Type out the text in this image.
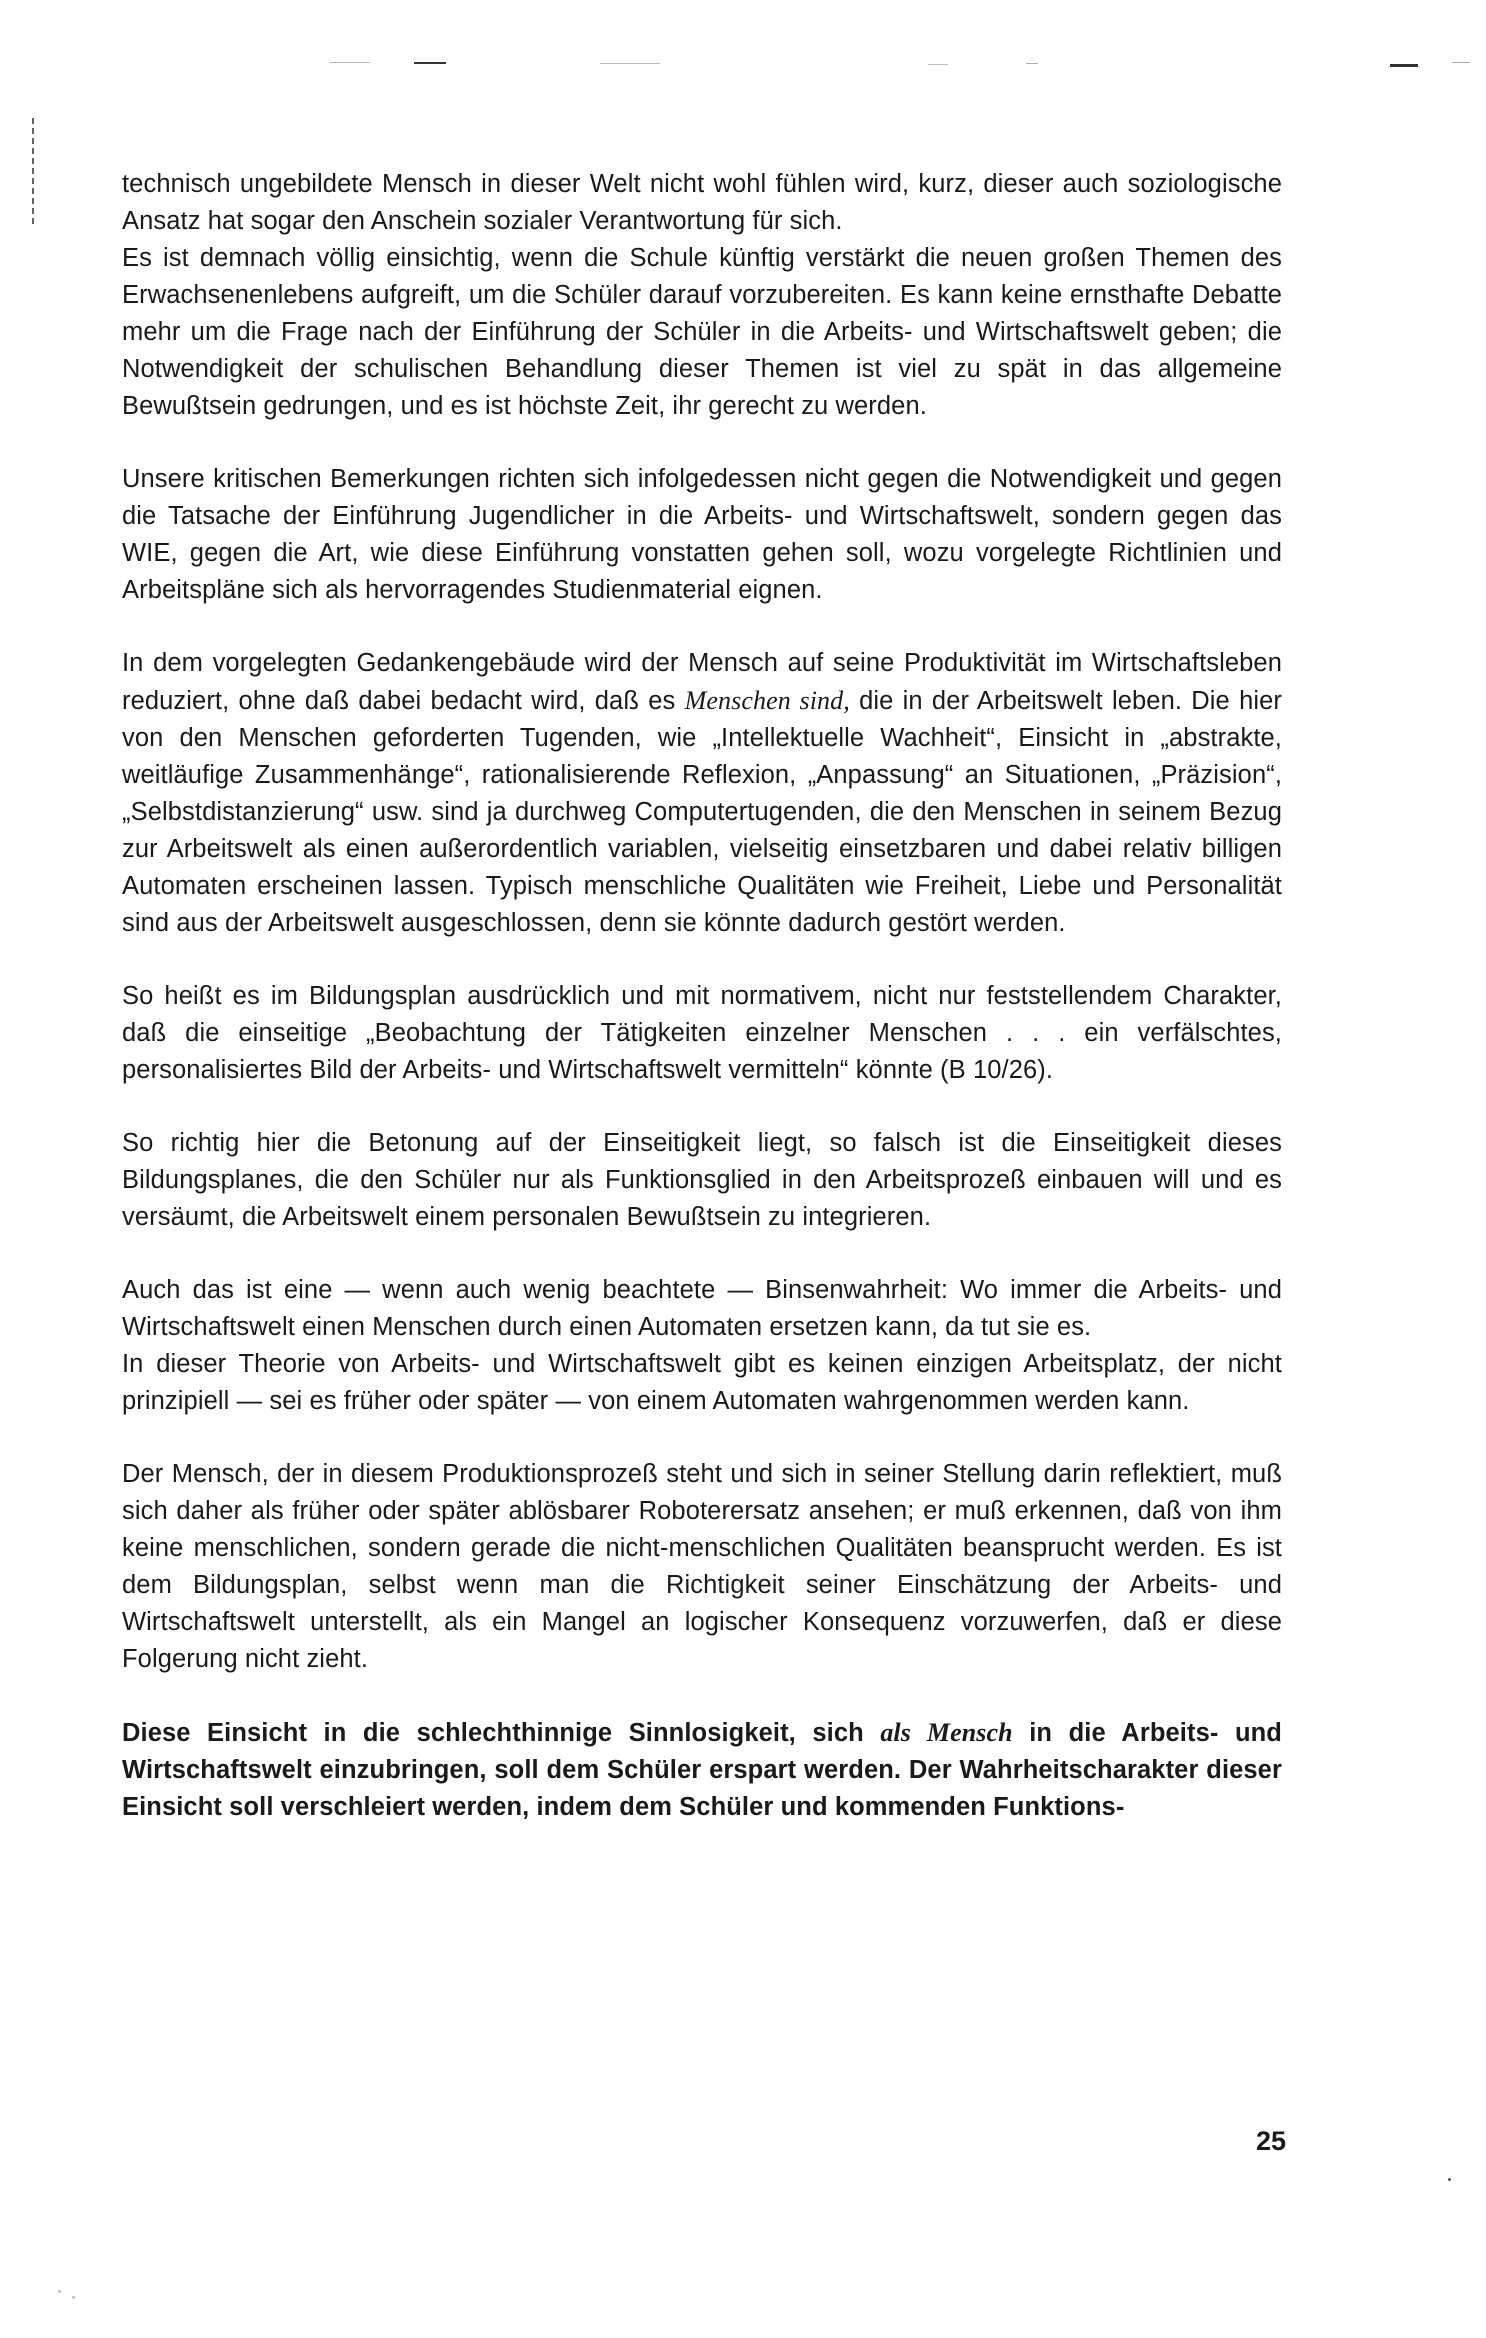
technisch ungebildete Mensch in dieser Welt nicht wohl fühlen wird, kurz, dieser auch soziologische Ansatz hat sogar den Anschein sozialer Verantwortung für sich.

Es ist demnach völlig einsichtig, wenn die Schule künftig verstärkt die neuen großen Themen des Erwachsenenlebens aufgreift, um die Schüler darauf vorzubereiten. Es kann keine ernsthafte Debatte mehr um die Frage nach der Einführung der Schüler in die Arbeits- und Wirtschaftswelt geben; die Notwendigkeit der schulischen Behandlung dieser Themen ist viel zu spät in das allgemeine Bewußtsein gedrungen, und es ist höchste Zeit, ihr gerecht zu werden.

Unsere kritischen Bemerkungen richten sich infolgedessen nicht gegen die Notwendigkeit und gegen die Tatsache der Einführung Jugendlicher in die Arbeits- und Wirtschaftswelt, sondern gegen das WIE, gegen die Art, wie diese Einführung vonstatten gehen soll, wozu vorgelegte Richtlinien und Arbeitspläne sich als hervorragendes Studienmaterial eignen.

In dem vorgelegten Gedankengebäude wird der Mensch auf seine Produktivität im Wirtschaftsleben reduziert, ohne daß dabei bedacht wird, daß es Menschen sind, die in der Arbeitswelt leben. Die hier von den Menschen geforderten Tugenden, wie „Intellektuelle Wachheit“, Einsicht in „abstrakte, weitläufige Zusammenhänge“, rationalisierende Reflexion, „Anpassung“ an Situationen, „Präzision“, „Selbstdistanzierung“ usw. sind ja durchweg Computertugenden, die den Menschen in seinem Bezug zur Arbeitswelt als einen außerordentlich variablen, vielseitig einsetzbaren und dabei relativ billigen Automaten erscheinen lassen. Typisch menschliche Qualitäten wie Freiheit, Liebe und Personalität sind aus der Arbeitswelt ausgeschlossen, denn sie könnte dadurch gestört werden.

So heißt es im Bildungsplan ausdrücklich und mit normativem, nicht nur feststellendem Charakter, daß die einseitige „Beobachtung der Tätigkeiten einzelner Menschen . . . ein verfälschtes, personalisiertes Bild der Arbeits- und Wirtschaftswelt vermitteln“ könnte (B 10/26).

So richtig hier die Betonung auf der Einseitigkeit liegt, so falsch ist die Einseitigkeit dieses Bildungsplanes, die den Schüler nur als Funktionsglied in den Arbeitsprozeß einbauen will und es versäumt, die Arbeitswelt einem personalen Bewußtsein zu integrieren.

Auch das ist eine — wenn auch wenig beachtete — Binsenwahrheit: Wo immer die Arbeits- und Wirtschaftswelt einen Menschen durch einen Automaten ersetzen kann, da tut sie es.

In dieser Theorie von Arbeits- und Wirtschaftswelt gibt es keinen einzigen Arbeitsplatz, der nicht prinzipiell — sei es früher oder später — von einem Automaten wahrgenommen werden kann.

Der Mensch, der in diesem Produktionsprozeß steht und sich in seiner Stellung darin reflektiert, muß sich daher als früher oder später ablösbarer Roboterersatz ansehen; er muß erkennen, daß von ihm keine menschlichen, sondern gerade die nicht-menschlichen Qualitäten beansprucht werden. Es ist dem Bildungsplan, selbst wenn man die Richtigkeit seiner Einschätzung der Arbeits- und Wirtschaftswelt unterstellt, als ein Mangel an logischer Konsequenz vorzuwerfen, daß er diese Folgerung nicht zieht.

Diese Einsicht in die schlechthinnige Sinnlosigkeit, sich als Mensch in die Arbeits- und Wirtschaftswelt einzubringen, soll dem Schüler erspart werden. Der Wahrheitscharakter dieser Einsicht soll verschleiert werden, indem dem Schüler und kommenden Funktions-

25
